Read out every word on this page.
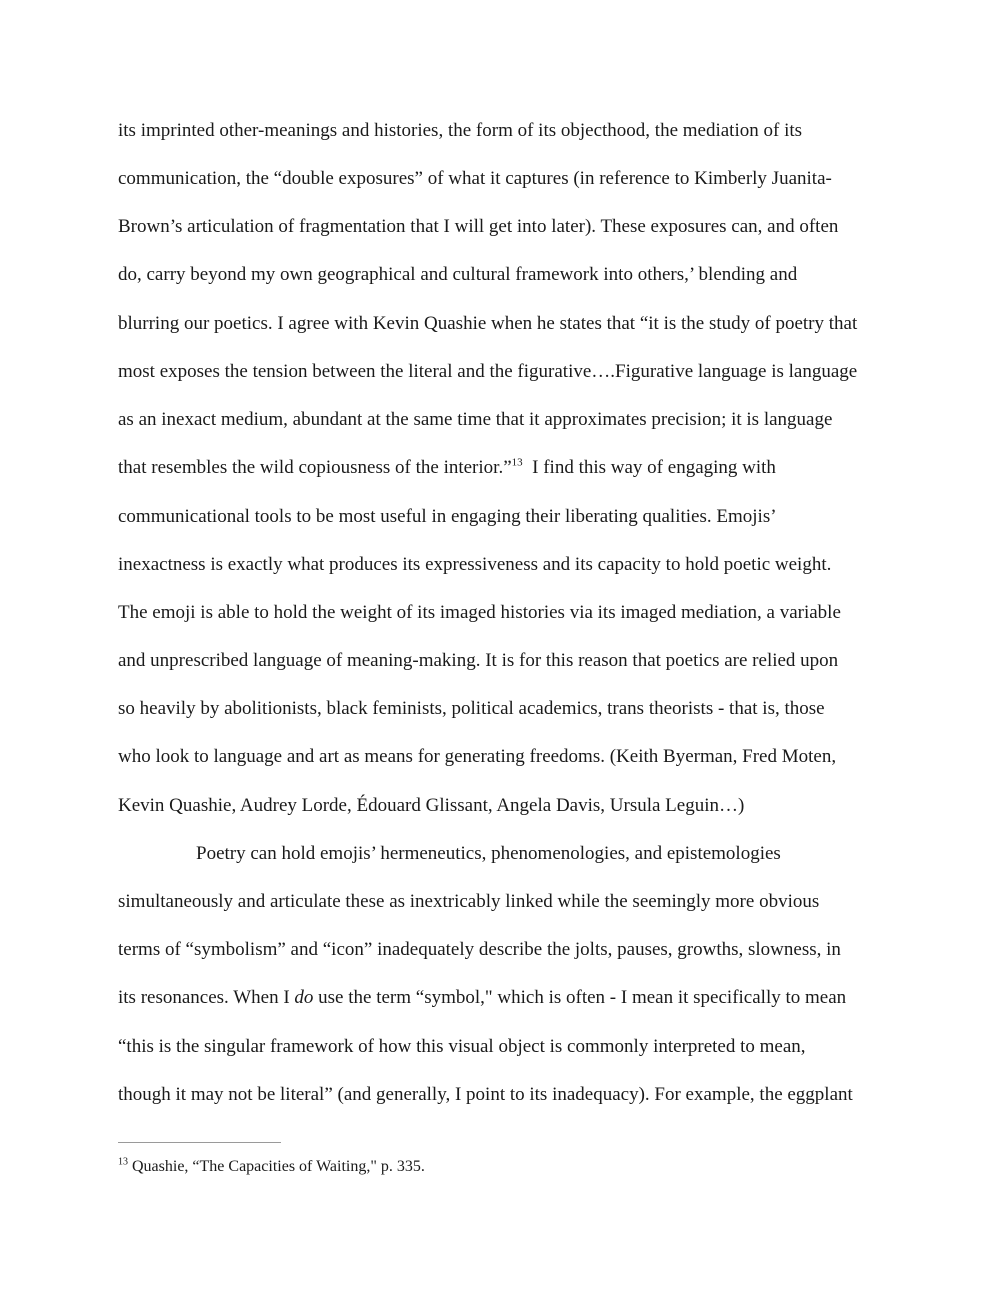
its imprinted other-meanings and histories, the form of its objecthood, the mediation of its
communication, the “double exposures” of what it captures (in reference to Kimberly Juanita-
Brown’s articulation of fragmentation that I will get into later). These exposures can, and often
do, carry beyond my own geographical and cultural framework into others,’ blending and
blurring our poetics. I agree with Kevin Quashie when he states that “it is the study of poetry that
most exposes the tension between the literal and the figurative….Figurative language is language
as an inexact medium, abundant at the same time that it approximates precision; it is language
that resembles the wild copiousness of the interior.”$^{13}$  I find this way of engaging with
communicational tools to be most useful in engaging their liberating qualities. Emojis’
inexactness is exactly what produces its expressiveness and its capacity to hold poetic weight.
The emoji is able to hold the weight of its imaged histories via its imaged mediation, a variable
and unprescribed language of meaning-making. It is for this reason that poetics are relied upon
so heavily by abolitionists, black feminists, political academics, trans theorists - that is, those
who look to language and art as means for generating freedoms. (Keith Byerman, Fred Moten,
Kevin Quashie, Audrey Lorde, Édouard Glissant, Angela Davis, Ursula Leguin…)
Poetry can hold emojis’ hermeneutics, phenomenologies, and epistemologies
simultaneously and articulate these as inextricably linked while the seemingly more obvious
terms of “symbolism” and “icon” inadequately describe the jolts, pauses, growths, slowness, in
its resonances. When I do use the term “symbol," which is often - I mean it specifically to mean
“this is the singular framework of how this visual object is commonly interpreted to mean,
though it may not be literal” (and generally, I point to its inadequacy). For example, the eggplant
$^{13}$ Quashie, “The Capacities of Waiting," p. 335.
